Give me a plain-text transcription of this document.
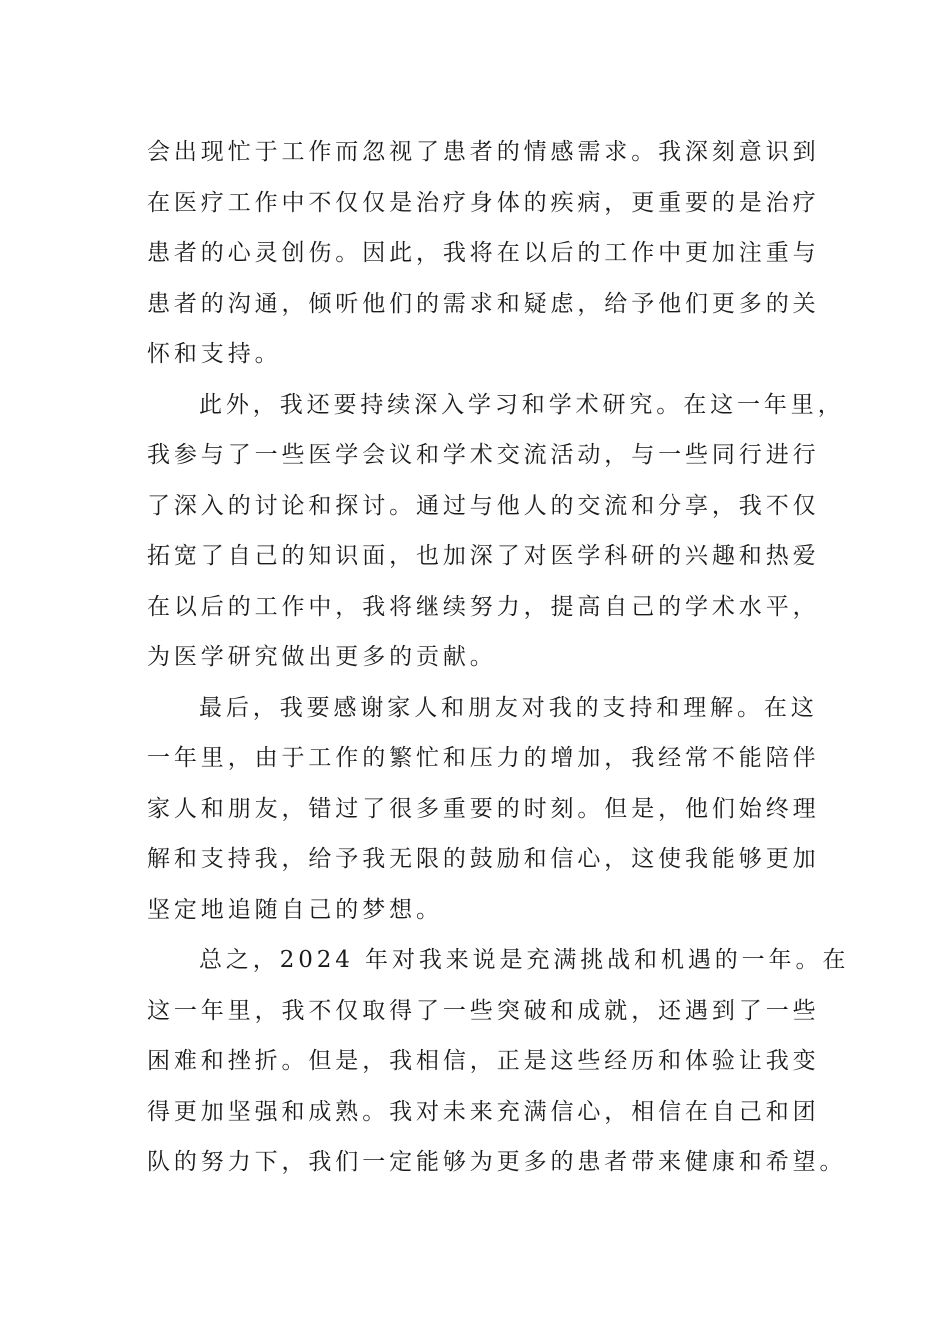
会出现忙于工作而忽视了患者的情感需求。我深刻意识到
在医疗工作中不仅仅是治疗身体的疾病，更重要的是治疗
患者的心灵创伤。因此，我将在以后的工作中更加注重与
患者的沟通，倾听他们的需求和疑虑，给予他们更多的关
怀和支持。
此外，我还要持续深入学习和学术研究。在这一年里，
我参与了一些医学会议和学术交流活动，与一些同行进行
了深入的讨论和探讨。通过与他人的交流和分享，我不仅
拓宽了自己的知识面，也加深了对医学科研的兴趣和热爱
在以后的工作中，我将继续努力，提高自己的学术水平，
为医学研究做出更多的贡献。
最后，我要感谢家人和朋友对我的支持和理解。在这
一年里，由于工作的繁忙和压力的增加，我经常不能陪伴
家人和朋友，错过了很多重要的时刻。但是，他们始终理
解和支持我，给予我无限的鼓励和信心，这使我能够更加
坚定地追随自己的梦想。
总之，2024 年对我来说是充满挑战和机遇的一年。在
这一年里，我不仅取得了一些突破和成就，还遇到了一些
困难和挫折。但是，我相信，正是这些经历和体验让我变
得更加坚强和成熟。我对未来充满信心，相信在自己和团
队的努力下，我们一定能够为更多的患者带来健康和希望。
